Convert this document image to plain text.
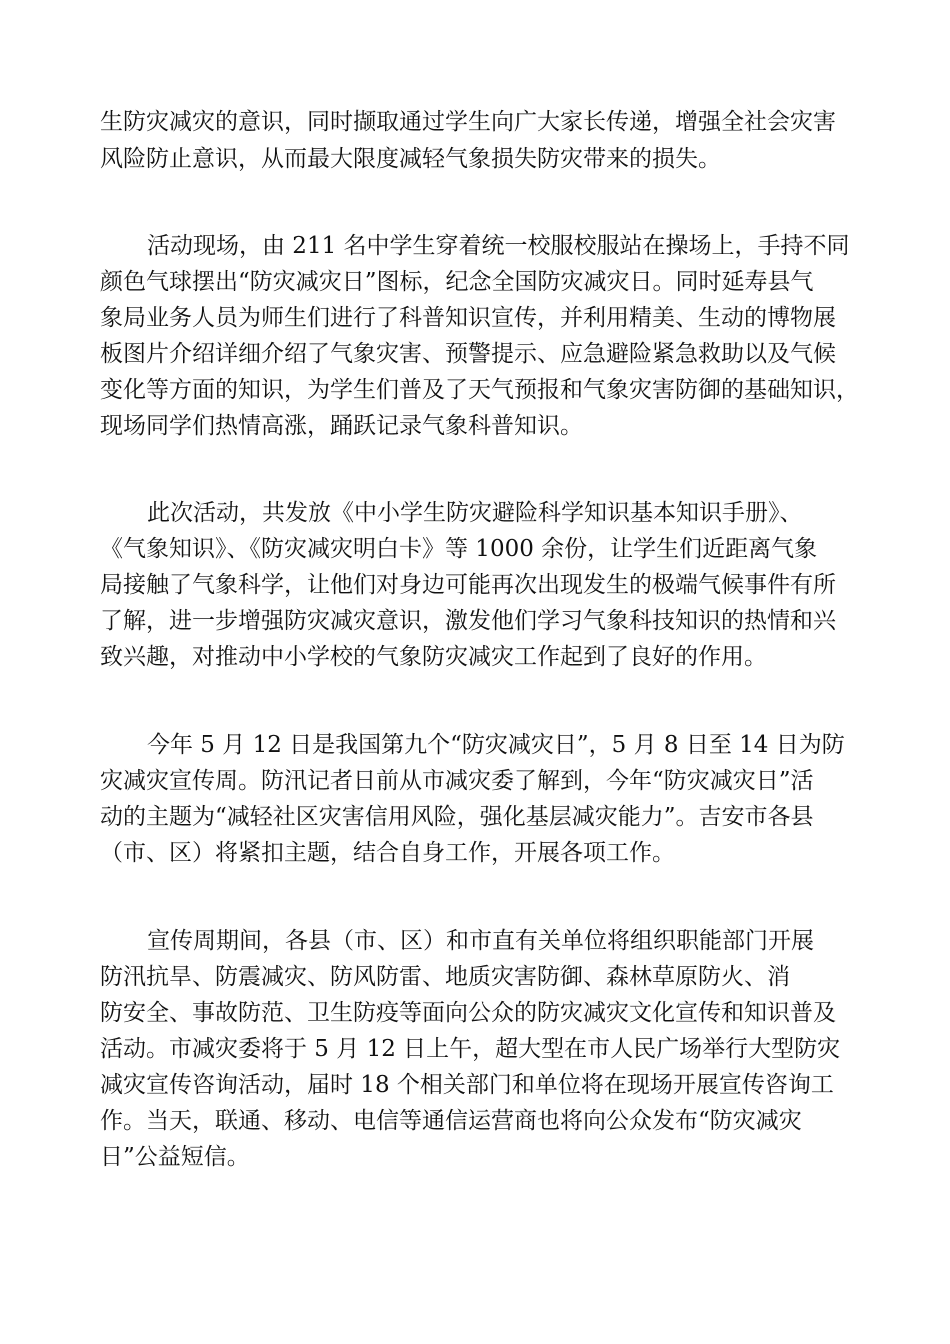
生防灾减灾的意识，同时撷取通过学生向广大家长传递，增强全社会灾害
风险防止意识，从而最大限度减轻气象损失防灾带来的损失。
活动现场，由 211 名中学生穿着统一校服校服站在操场上，手持不同
颜色气球摆出“防灾减灾日”图标，纪念全国防灾减灾日。同时延寿县气
象局业务人员为师生们进行了科普知识宣传，并利用精美、生动的博物展
板图片介绍详细介绍了气象灾害、预警提示、应急避险紧急救助以及气候
变化等方面的知识，为学生们普及了天气预报和气象灾害防御的基础知识，
现场同学们热情高涨，踊跃记录气象科普知识。
此次活动，共发放《中小学生防灾避险科学知识基本知识手册》、
《气象知识》、《防灾减灾明白卡》等 1000 余份，让学生们近距离气象
局接触了气象科学，让他们对身边可能再次出现发生的极端气候事件有所
了解，进一步增强防灾减灾意识，激发他们学习气象科技知识的热情和兴
致兴趣，对推动中小学校的气象防灾减灾工作起到了良好的作用。
今年 5 月 12 日是我国第九个“防灾减灾日”，5 月 8 日至 14 日为防
灾减灾宣传周。防汛记者日前从市减灾委了解到，今年“防灾减灾日”活
动的主题为“减轻社区灾害信用风险，强化基层减灾能力”。吉安市各县
（市、区）将紧扣主题，结合自身工作，开展各项工作。
宣传周期间，各县（市、区）和市直有关单位将组织职能部门开展
防汛抗旱、防震减灾、防风防雷、地质灾害防御、森林草原防火、消
防安全、事故防范、卫生防疫等面向公众的防灾减灾文化宣传和知识普及
活动。市减灾委将于 5 月 12 日上午，超大型在市人民广场举行大型防灾
减灾宣传咨询活动，届时 18 个相关部门和单位将在现场开展宣传咨询工
作。当天，联通、移动、电信等通信运营商也将向公众发布“防灾减灾
日”公益短信。
